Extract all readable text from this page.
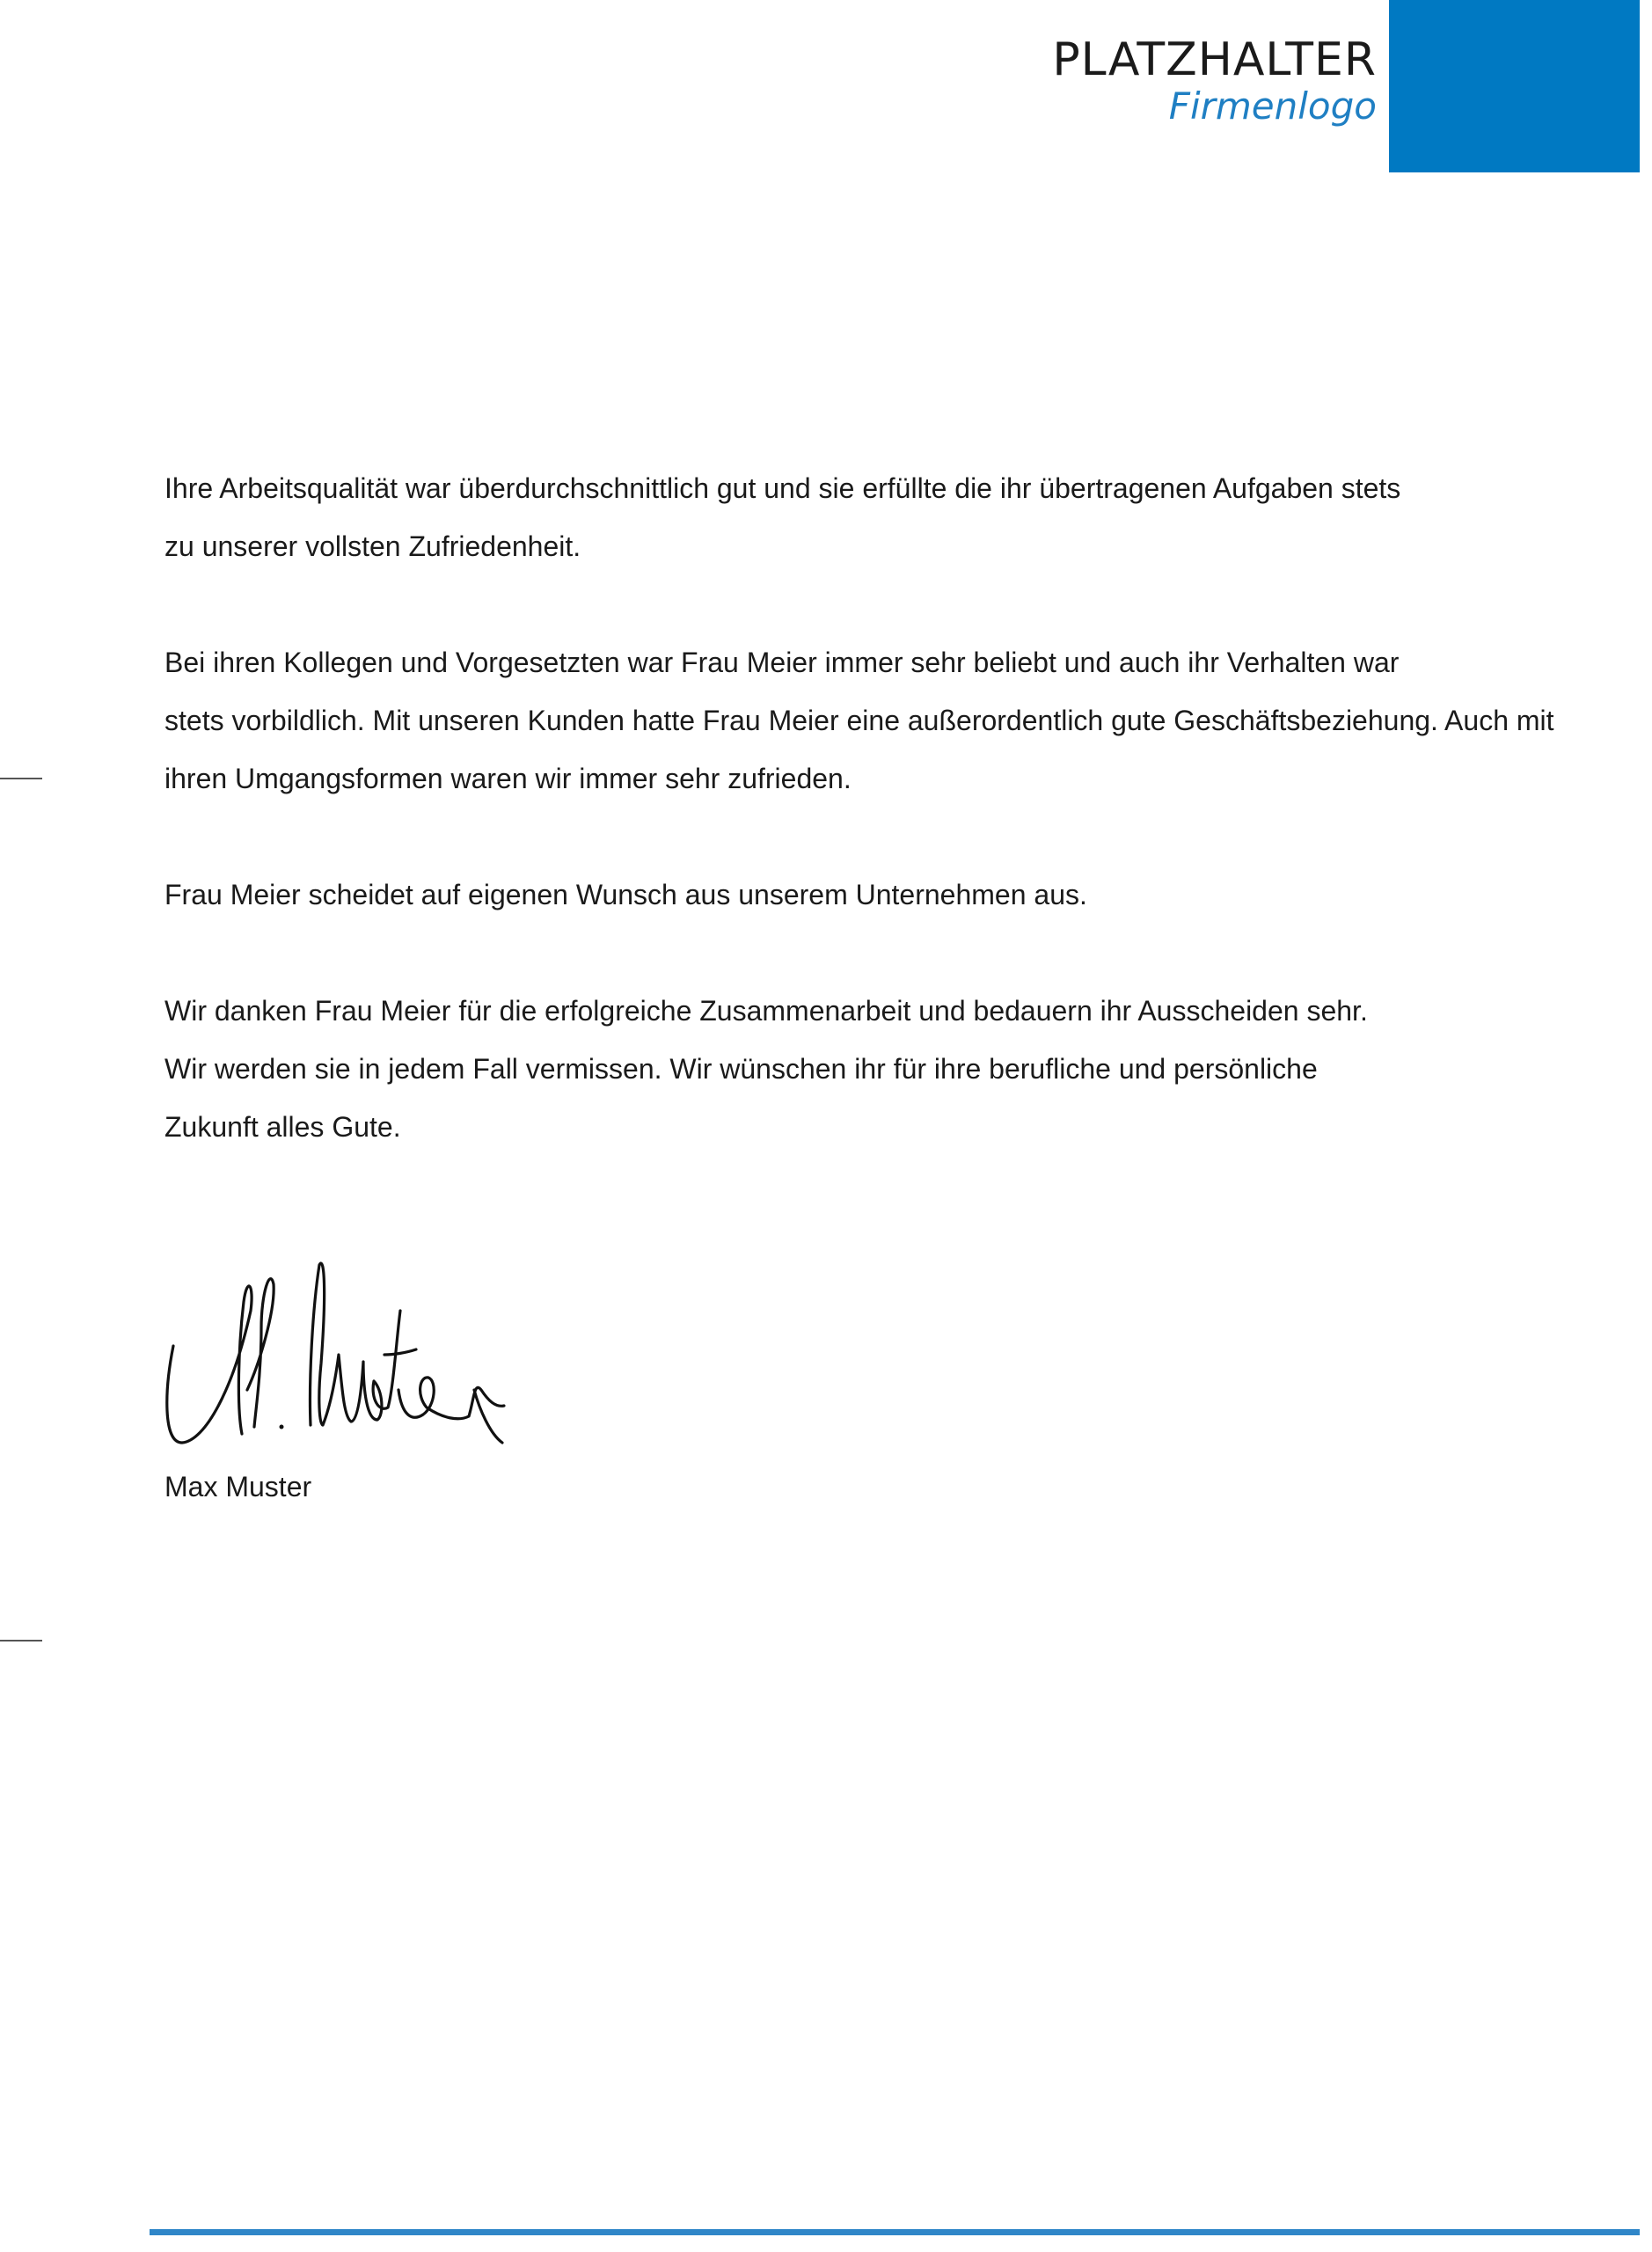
PLATZHALTER
Firmenlogo

Ihre Arbeitsqualität war überdurchschnittlich gut und sie erfüllte die ihr übertragenen Aufgaben stets
zu unserer vollsten Zufriedenheit.

Bei ihren Kollegen und Vorgesetzten war Frau Meier immer sehr beliebt und auch ihr Verhalten war
stets vorbildlich. Mit unseren Kunden hatte Frau Meier eine außerordentlich gute Geschäftsbeziehung. Auch mit
ihren Umgangsformen waren wir immer sehr zufrieden.

Frau Meier scheidet auf eigenen Wunsch aus unserem Unternehmen aus.

Wir danken Frau Meier für die erfolgreiche Zusammenarbeit und bedauern ihr Ausscheiden sehr.
Wir werden sie in jedem Fall vermissen. Wir wünschen ihr für ihre berufliche und persönliche
Zukunft alles Gute.

Max Muster
